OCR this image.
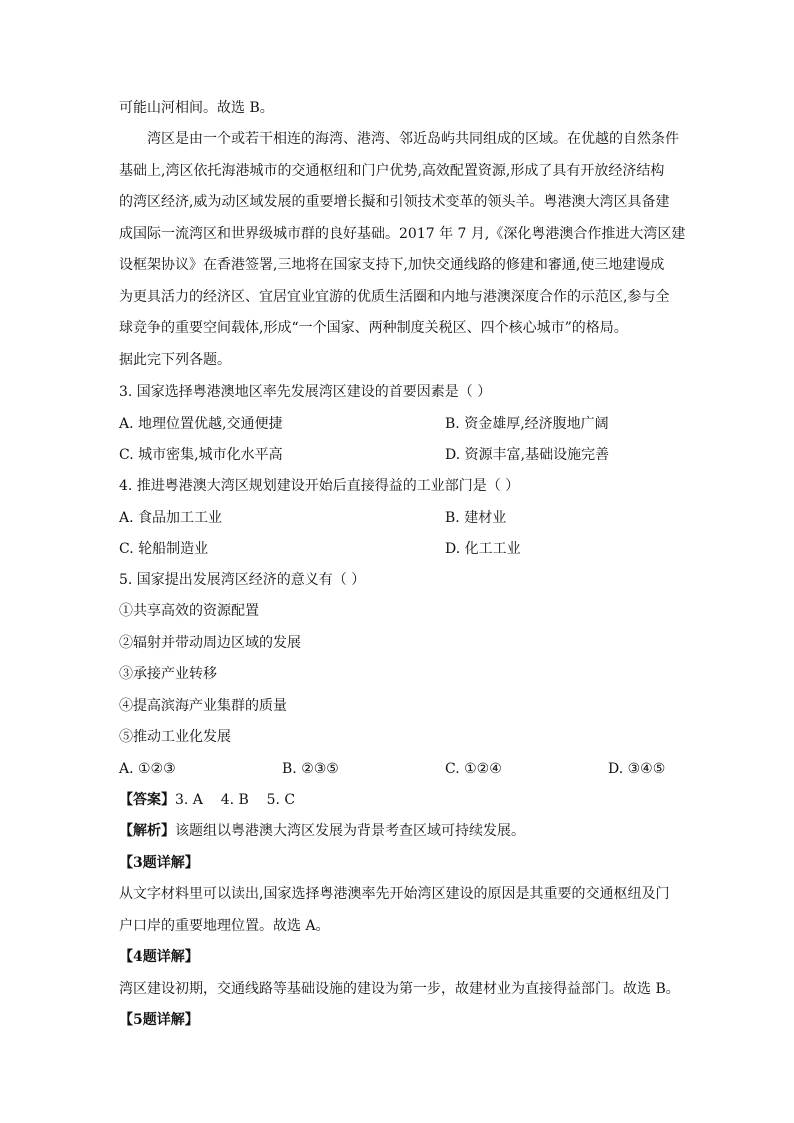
可能山河相间。故选 B。
湾区是由一个或若干相连的海湾、港湾、邻近岛屿共同组成的区域。在优越的自然条件
基础上,湾区依托海港城市的交通枢纽和门户优势,高效配置资源,形成了具有开放经济结构
的湾区经济,威为动区域发展的重要增长擬和引领技术变革的领头羊。粤港澳大湾区具备建
成国际一流湾区和世界级城市群的良好基础。2017 年 7 月,《深化粤港澳合作推进大湾区建
设框架协议》在香港签署,三地将在国家支持下,加快交通线路的修建和審通,使三地建谩成
为更具活力的经济区、宜居宜业宜游的优质生活圈和内地与港澳深度合作的示范区,参与全
球竞争的重要空间载体,形成“一个国家、两种制度关税区、四个核心城市”的格局。
据此完下列各题。
3. 国家选择粤港澳地区率先发展湾区建设的首要因素是（ ）
A. 地理位置优越,交通便捷	B. 资金雄厚,经济腹地广阔
C. 城市密集,城市化水平高	D. 资源丰富,基础设施完善
4. 推进粤港澳大湾区规划建设开始后直接得益的工业部门是（ ）
A. 食品加工工业	B. 建材业
C. 轮船制造业	D. 化工工业
5. 国家提出发展湾区经济的意义有（ ）
①共享高效的资源配置
②辐射并带动周边区域的发展
③承接产业转移
④提高滨海产业集群的质量
⑤推动工业化发展
A. ①②③	B. ②③⑤	C. ①②④	D. ③④⑤
【答案】3. A    4. B    5. C
【解析】该题组以粤港澳大湾区发展为背景考查区域可持续发展。
【3题详解】
从文字材料里可以读出,国家选择粤港澳率先开始湾区建设的原因是其重要的交通枢纽及门
户口岸的重要地理位置。故选 A。
【4题详解】
湾区建设初期，交通线路等基础设施的建设为第一步，故建材业为直接得益部门。故选 B。
【5题详解】
